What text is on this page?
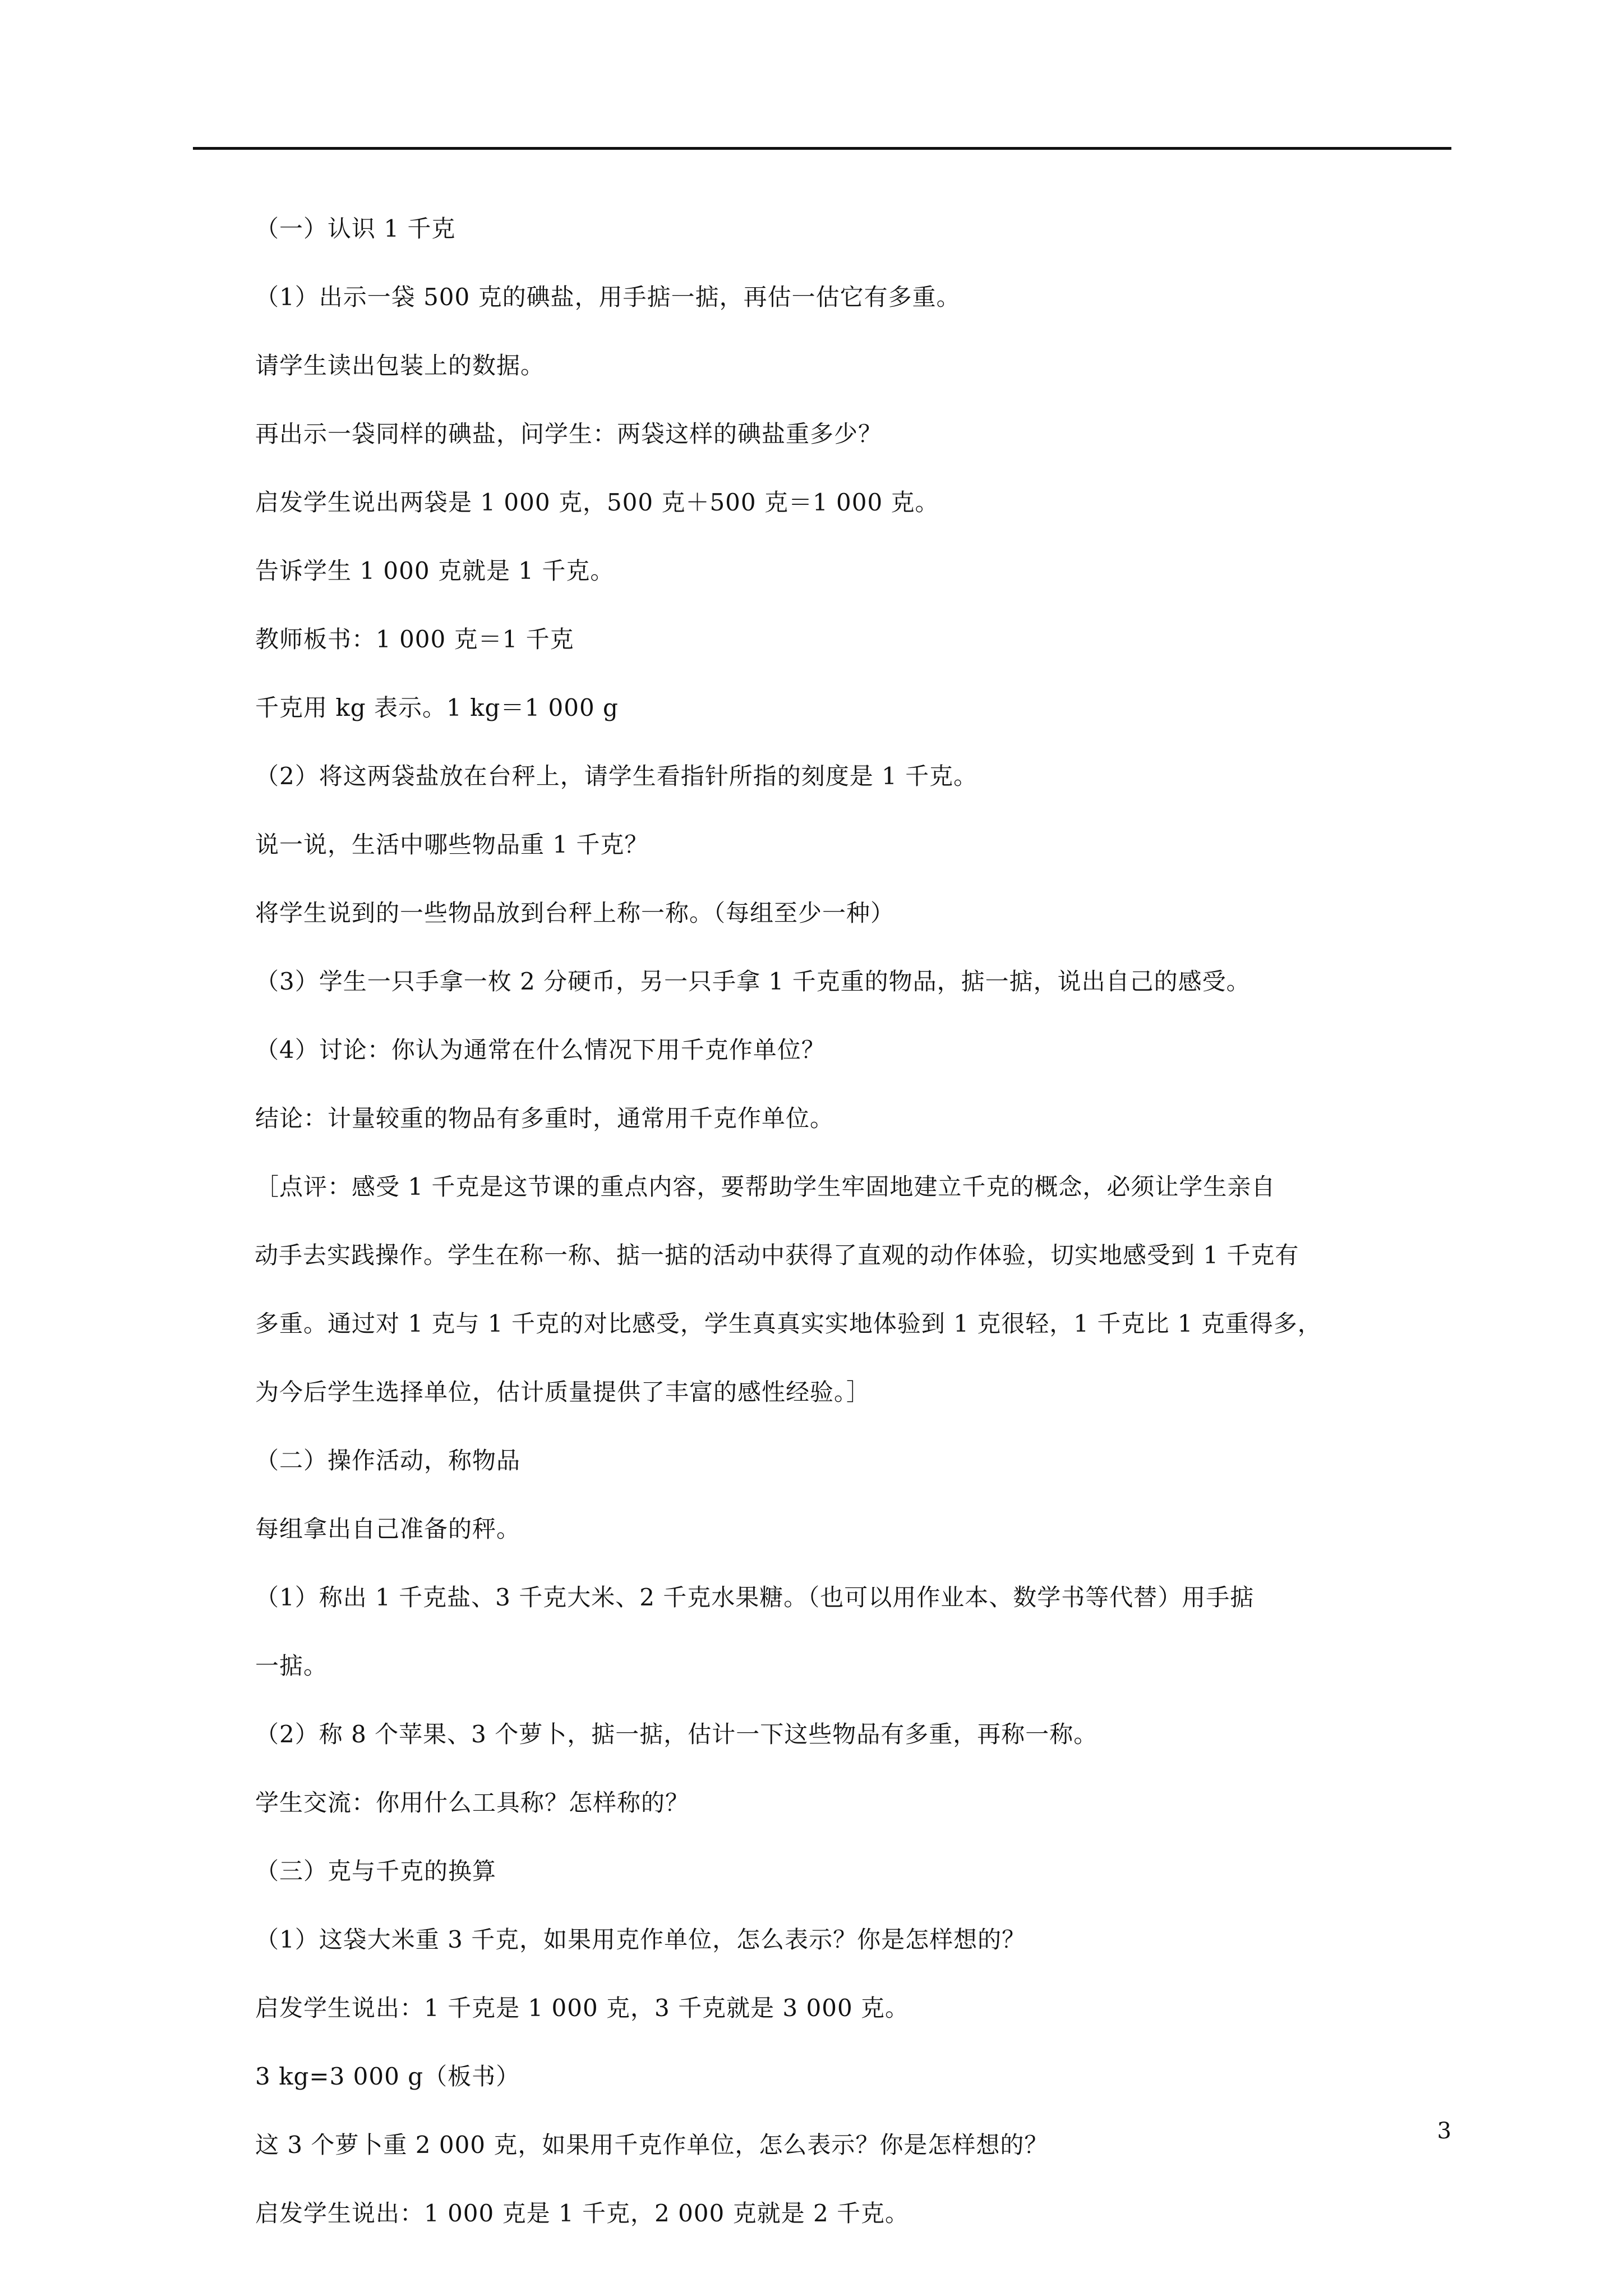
（一）认识 1 千克
（1）出示一袋 500 克的碘盐，用手掂一掂，再估一估它有多重。
请学生读出包装上的数据。
再出示一袋同样的碘盐，问学生：两袋这样的碘盐重多少？
启发学生说出两袋是 1 000 克，500 克＋500 克＝1 000 克。
告诉学生 1 000 克就是 1 千克。
教师板书：1 000 克＝1 千克
千克用 kg 表示。1 kg＝1 000 g
（2）将这两袋盐放在台秤上，请学生看指针所指的刻度是 1 千克。
说一说，生活中哪些物品重 1 千克？
将学生说到的一些物品放到台秤上称一称。（每组至少一种）
（3）学生一只手拿一枚 2 分硬币，另一只手拿 1 千克重的物品，掂一掂，说出自己的感受。
（4）讨论：你认为通常在什么情况下用千克作单位？
结论：计量较重的物品有多重时，通常用千克作单位。
［点评：感受 1 千克是这节课的重点内容，要帮助学生牢固地建立千克的概念，必须让学生亲自
动手去实践操作。学生在称一称、掂一掂的活动中获得了直观的动作体验，切实地感受到 1 千克有
多重。通过对 1 克与 1 千克的对比感受，学生真真实实地体验到 1 克很轻，1 千克比 1 克重得多，
为今后学生选择单位，估计质量提供了丰富的感性经验。］
（二）操作活动，称物品
每组拿出自己准备的秤。
（1）称出 1 千克盐、3 千克大米、2 千克水果糖。（也可以用作业本、数学书等代替）用手掂
一掂。
（2）称 8 个苹果、3 个萝卜，掂一掂，估计一下这些物品有多重，再称一称。
学生交流：你用什么工具称？怎样称的？
（三）克与千克的换算
（1）这袋大米重 3 千克，如果用克作单位，怎么表示？你是怎样想的？
启发学生说出：1 千克是 1 000 克，3 千克就是 3 000 克。
3 kg=3 000 g（板书）
这 3 个萝卜重 2 000 克，如果用千克作单位，怎么表示？你是怎样想的？
启发学生说出：1 000 克是 1 千克，2 000 克就是 2 千克。
3
